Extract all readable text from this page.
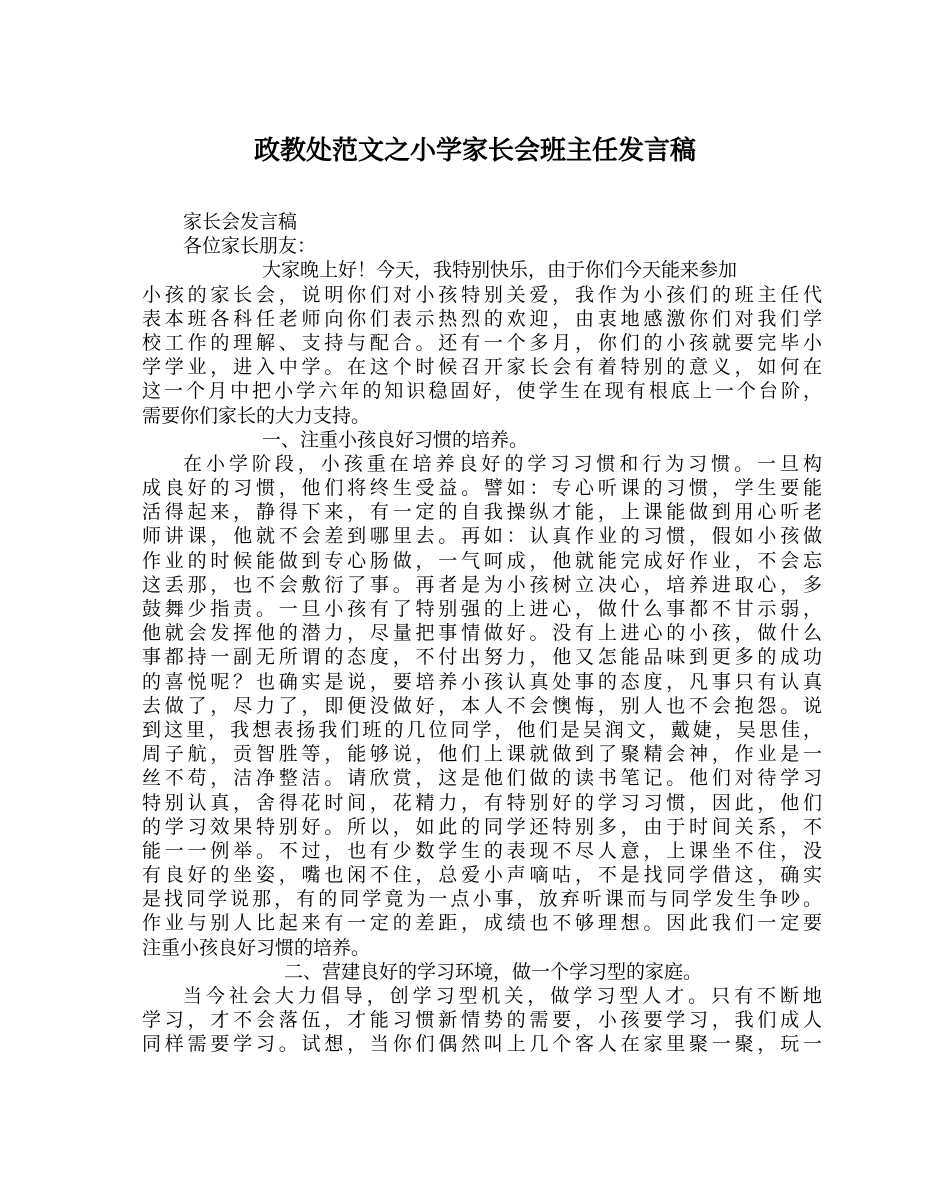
政教处范文之小学家长会班主任发言稿
家长会发言稿
各位家长朋友：
大家晚上好！今天，我特别快乐，由于你们今天能来参加
小孩的家长会，说明你们对小孩特别关爱，我作为小孩们的班主任代
表本班各科任老师向你们表示热烈的欢迎，由衷地感激你们对我们学
校工作的理解、支持与配合。还有一个多月，你们的小孩就要完毕小
学学业，进入中学。在这个时候召开家长会有着特别的意义，如何在
这一个月中把小学六年的知识稳固好，使学生在现有根底上一个台阶，
需要你们家长的大力支持。
一、注重小孩良好习惯的培养。
在小学阶段，小孩重在培养良好的学习习惯和行为习惯。一旦构
成良好的习惯，他们将终生受益。譬如：专心听课的习惯，学生要能
活得起来，静得下来，有一定的自我操纵才能，上课能做到用心听老
师讲课，他就不会差到哪里去。再如：认真作业的习惯，假如小孩做
作业的时候能做到专心肠做，一气呵成，他就能完成好作业，不会忘
这丢那，也不会敷衍了事。再者是为小孩树立决心，培养进取心，多
鼓舞少指责。一旦小孩有了特别强的上进心，做什么事都不甘示弱，
他就会发挥他的潜力，尽量把事情做好。没有上进心的小孩，做什么
事都持一副无所谓的态度，不付出努力，他又怎能品味到更多的成功
的喜悦呢？也确实是说，要培养小孩认真处事的态度，凡事只有认真
去做了，尽力了，即便没做好，本人不会懊悔，别人也不会抱怨。说
到这里，我想表扬我们班的几位同学，他们是吴润文，戴婕，吴思佳，
周子航，贡智胜等，能够说，他们上课就做到了聚精会神，作业是一
丝不苟，洁净整洁。请欣赏，这是他们做的读书笔记。他们对待学习
特别认真，舍得花时间，花精力，有特别好的学习习惯，因此，他们
的学习效果特别好。所以，如此的同学还特别多，由于时间关系，不
能一一例举。不过，也有少数学生的表现不尽人意，上课坐不住，没
有良好的坐姿，嘴也闲不住，总爱小声嘀咕，不是找同学借这，确实
是找同学说那，有的同学竟为一点小事，放弃听课而与同学发生争吵。
作业与别人比起来有一定的差距，成绩也不够理想。因此我们一定要
注重小孩良好习惯的培养。
二、营建良好的学习环境，做一个学习型的家庭。
当今社会大力倡导，创学习型机关，做学习型人才。只有不断地
学习，才不会落伍，才能习惯新情势的需要，小孩要学习，我们成人
同样需要学习。试想，当你们偶然叫上几个客人在家里聚一聚，玩一
